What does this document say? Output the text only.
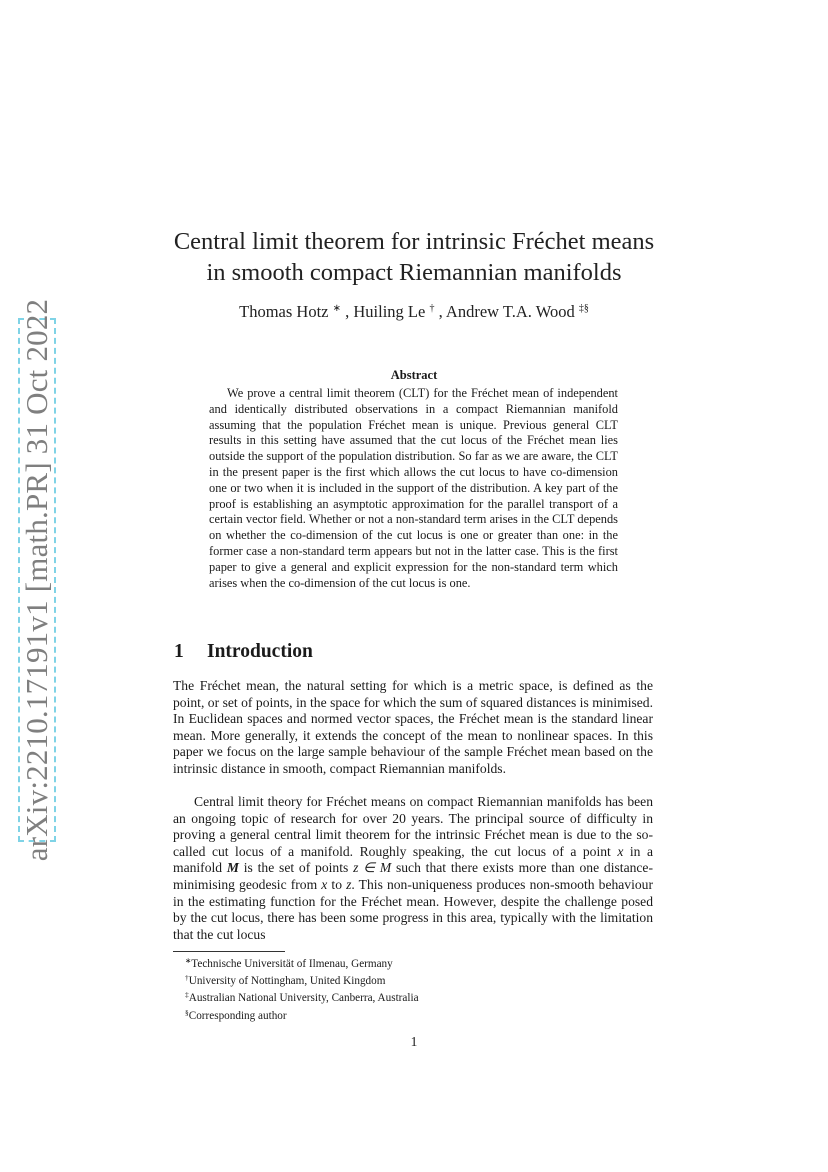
arXiv:2210.17191v1 [math.PR] 31 Oct 2022
Central limit theorem for intrinsic Fréchet means
in smooth compact Riemannian manifolds
Thomas Hotz ∗ , Huiling Le † , Andrew T.A. Wood ‡§
Abstract

We prove a central limit theorem (CLT) for the Fréchet mean of independent and identically distributed observations in a compact Riemannian manifold assuming that the population Fréchet mean is unique. Previous general CLT results in this setting have assumed that the cut locus of the Fréchet mean lies outside the support of the population distribution. So far as we are aware, the CLT in the present paper is the first which allows the cut locus to have co-dimension one or two when it is included in the support of the distribution. A key part of the proof is establishing an asymptotic approximation for the parallel transport of a certain vector field. Whether or not a non-standard term arises in the CLT depends on whether the co-dimension of the cut locus is one or greater than one: in the former case a non-standard term appears but not in the latter case. This is the first paper to give a general and explicit expression for the non-standard term which arises when the co-dimension of the cut locus is one.

1 Introduction

The Fréchet mean, the natural setting for which is a metric space, is defined as the point, or set of points, in the space for which the sum of squared distances is minimised. In Euclidean spaces and normed vector spaces, the Fréchet mean is the standard linear mean. More generally, it extends the concept of the mean to nonlinear spaces. In this paper we focus on the large sample behaviour of the sample Fréchet mean based on the intrinsic distance in smooth, compact Riemannian manifolds.

Central limit theory for Fréchet means on compact Riemannian manifolds has been an ongoing topic of research for over 20 years. The principal source of difficulty in proving a general central limit theorem for the intrinsic Fréchet mean is due to the so-called cut locus of a manifold. Roughly speaking, the cut locus of a point x in a manifold M is the set of points z ∈ M such that there exists more than one distance-minimising geodesic from x to z. This non-uniqueness produces non-smooth behaviour in the estimating function for the Fréchet mean. However, despite the challenge posed by the cut locus, there has been some progress in this area, typically with the limitation that the cut locus

∗Technische Universität of Ilmenau, Germany
†University of Nottingham, United Kingdom
‡Australian National University, Canberra, Australia
§Corresponding author
1
